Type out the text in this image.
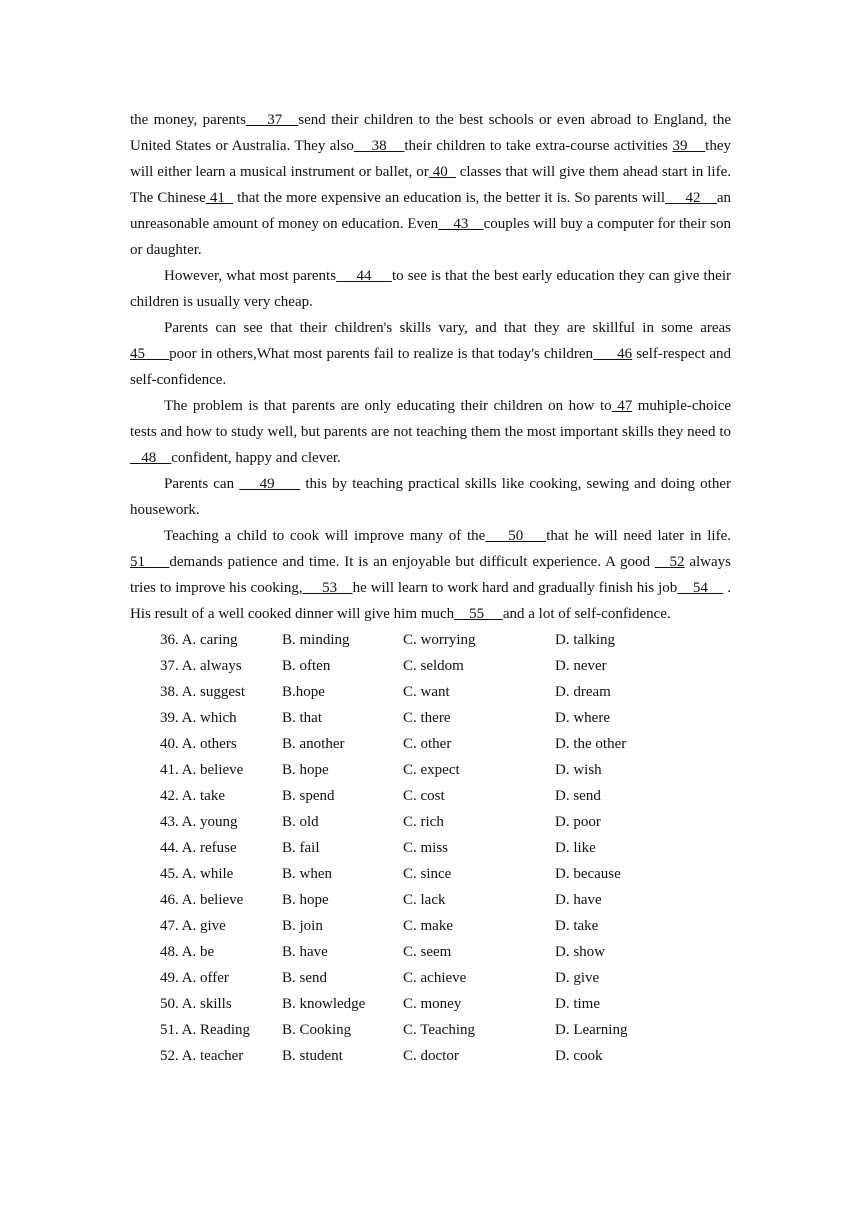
the money, parents    37   send their children to the best schools or even abroad to England, the United States or Australia. They also    38    their children to take extra-course activities 39    they will either learn a musical instrument or ballet, or 40   classes that will give them ahead start in life. The Chinese 41   that the more expensive an education is, the better it is. So parents will     42    an unreasonable amount of money on education. Even    43    couples will buy a computer for their son or daughter.

However, what most parents     44     to see is that the best early education they can give their children is usually very cheap.

Parents can see that their children's skills vary, and that they are skillful in some areas 45      poor in others,What most parents fail to realize is that today's children      46 self-respect and self-confidence.

The problem is that parents are only educating their children on how to 47 muhiple-choice tests and how to study well, but parents are not teaching them the most important skills they need to   48    confident, happy and clever.

Parents can     49      this by teaching practical skills like cooking, sewing and doing other housework.

Teaching a child to cook will improve many of the    50    that he will need later in life. 51     demands patience and time. It is an enjoyable but difficult experience. A good    52 always tries to improve his cooking,     53    he will learn to work hard and gradually finish his job    54     . His result of a well cooked dinner will give him much    55     and a lot of self-confidence.

36. A. caring	B. minding	C. worrying	D. talking
37. A. always	B. often	C. seldom	D. never
38. A. suggest	B.hope	C. want	D. dream
39. A. which	B. that	C. there	D. where
40. A. others	B. another	C. other	D. the other
41. A. believe	B. hope	C. expect	D. wish
42. A. take	B. spend	C. cost	D. send
43. A. young	B. old	C. rich	D. poor
44. A. refuse	B. fail	C. miss	D. like
45. A. while	B. when	C. since	D. because
46. A. believe	B. hope	C. lack	D. have
47. A. give	B. join	C. make	D. take
48. A. be	B. have	C. seem	D. show
49. A. offer	B. send	C. achieve	D. give
50. A. skills	B. knowledge	C. money	D. time
51. A. Reading	B. Cooking	C. Teaching	D. Learning
52. A. teacher	B. student	C. doctor	D. cook
